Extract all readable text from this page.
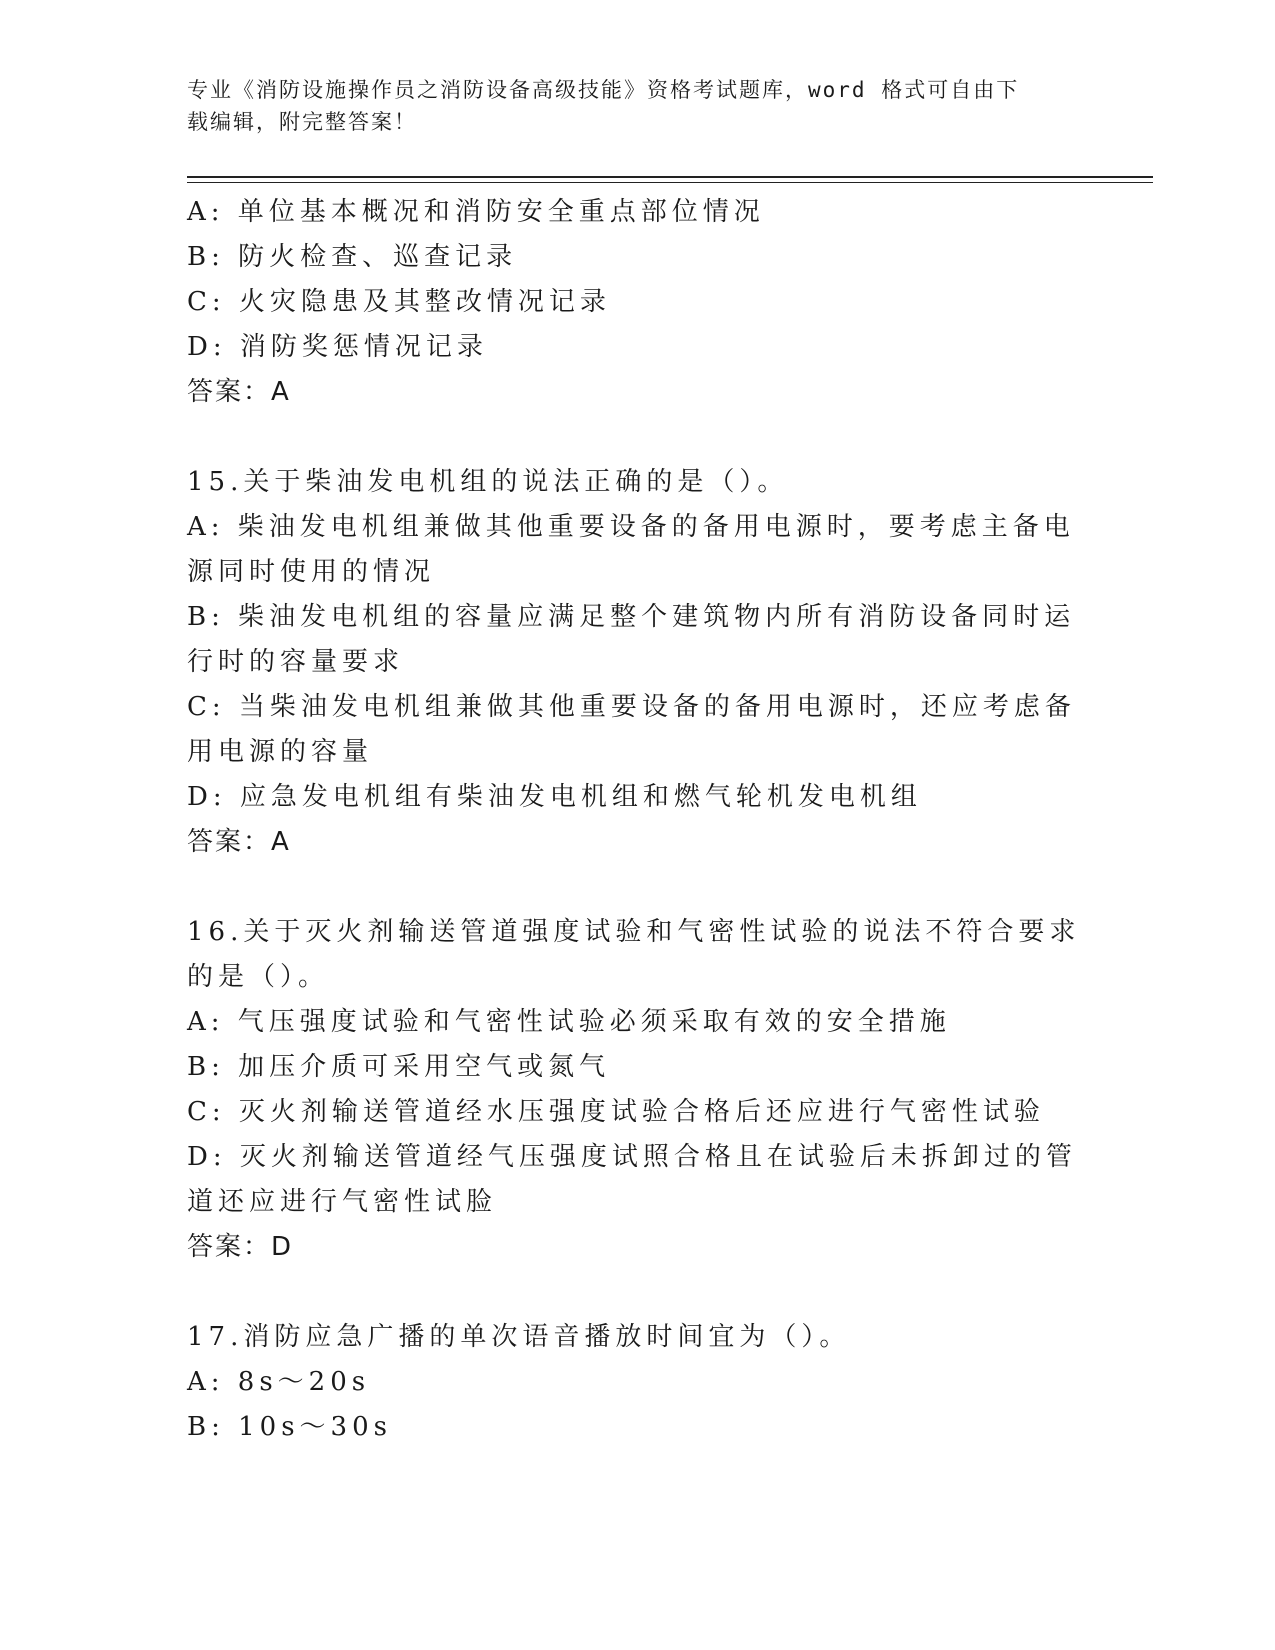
专业《消防设施操作员之消防设备高级技能》资格考试题库，word 格式可自由下
载编辑，附完整答案！
A: 单位基本概况和消防安全重点部位情况
B: 防火检查、巡查记录
C: 火灾隐患及其整改情况记录
D: 消防奖惩情况记录
答案：A
15.关于柴油发电机组的说法正确的是（）。
A: 柴油发电机组兼做其他重要设备的备用电源时，要考虑主备电源同时使用的情况
B: 柴油发电机组的容量应满足整个建筑物内所有消防设备同时运行时的容量要求
C: 当柴油发电机组兼做其他重要设备的备用电源时，还应考虑备用电源的容量
D: 应急发电机组有柴油发电机组和燃气轮机发电机组
答案：A
16.关于灭火剂输送管道强度试验和气密性试验的说法不符合要求的是（）。
A: 气压强度试验和气密性试验必须采取有效的安全措施
B: 加压介质可采用空气或氮气
C: 灭火剂输送管道经水压强度试验合格后还应进行气密性试验
D: 灭火剂输送管道经气压强度试照合格且在试验后未拆卸过的管道还应进行气密性试脸
答案：D
17.消防应急广播的单次语音播放时间宜为（）。
A: 8s～20s
B: 10s～30s
